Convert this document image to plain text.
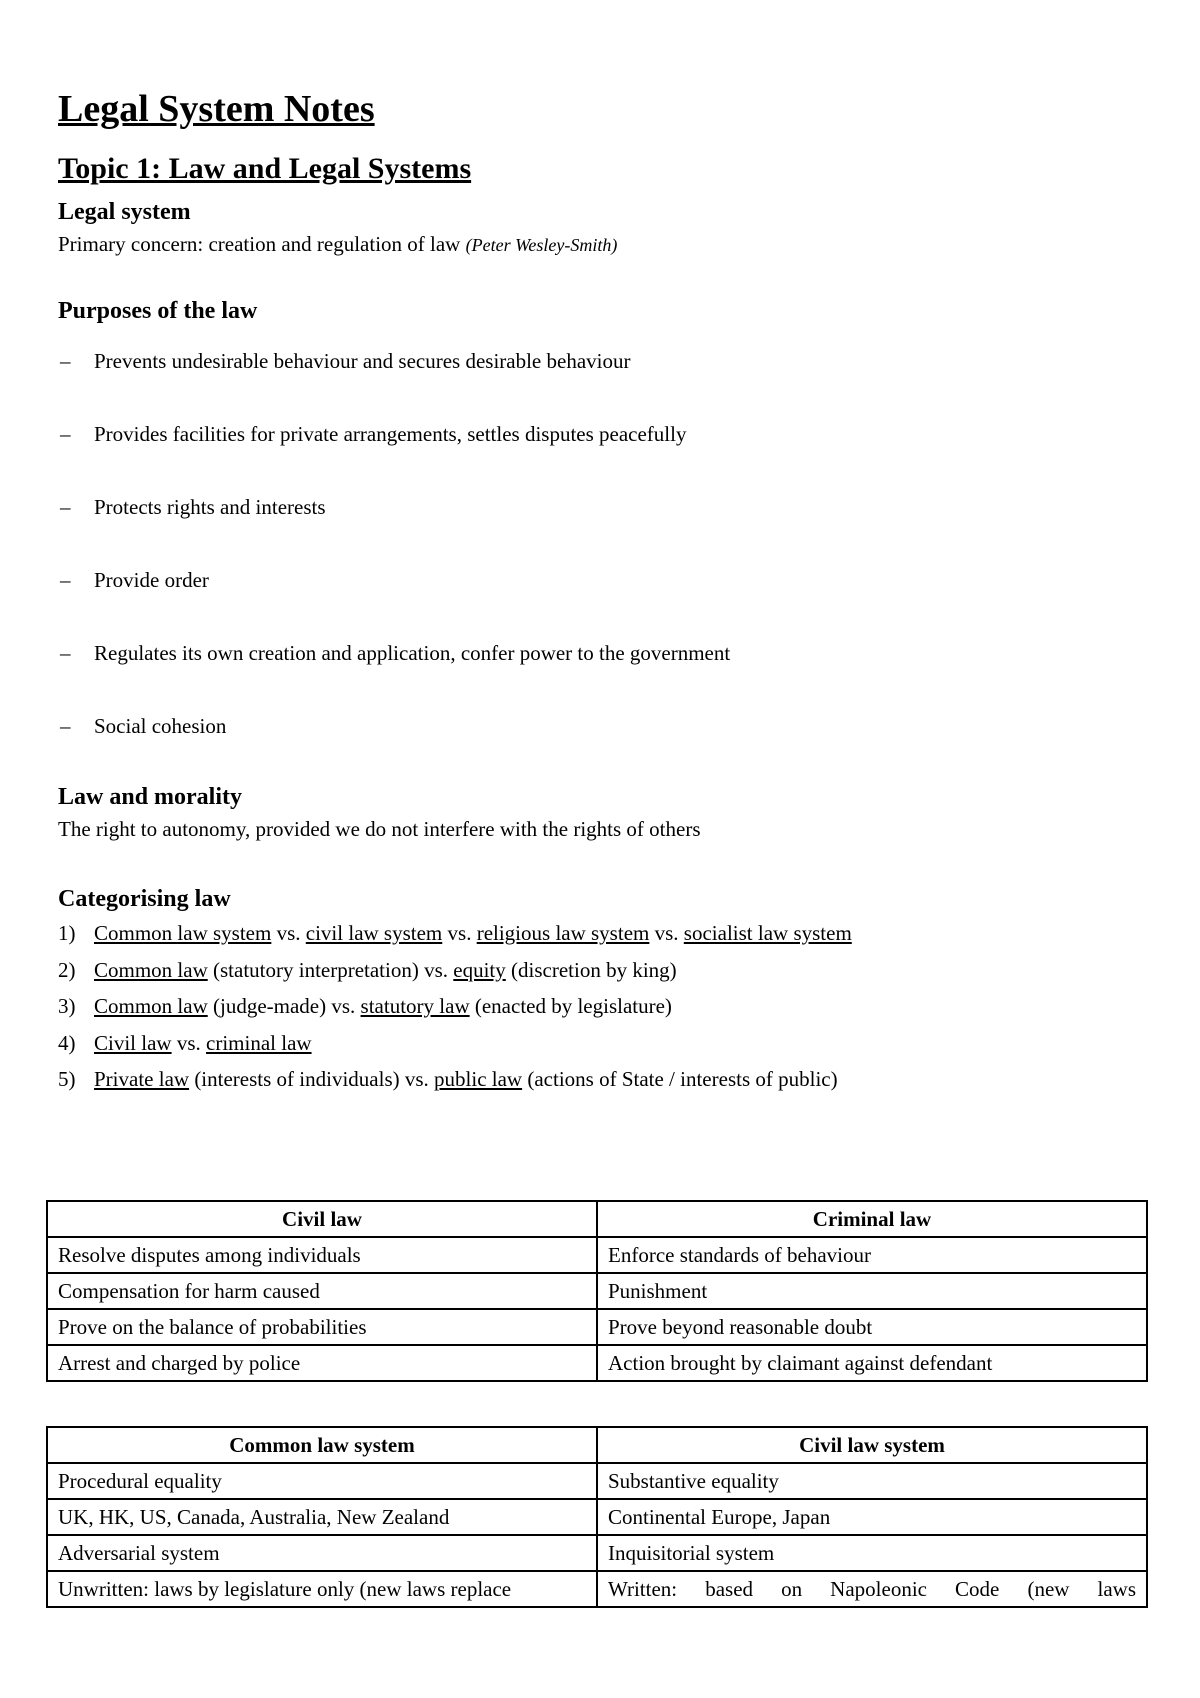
Legal System Notes
Topic 1: Law and Legal Systems
Legal system

Primary concern: creation and regulation of law (Peter Wesley-Smith)

Purposes of the law
– Prevents undesirable behaviour and secures desirable behaviour
– Provides facilities for private arrangements, settles disputes peacefully
– Protects rights and interests
– Provide order
– Regulates its own creation and application, confer power to the government
– Social cohesion
Law and morality

The right to autonomy, provided we do not interfere with the rights of others

Categorising law
1) Common law system vs. civil law system vs. religious law system vs. socialist law system
2) Common law (statutory interpretation) vs. equity (discretion by king)
3) Common law (judge-made) vs. statutory law (enacted by legislature)
4) Civil law vs. criminal law
5) Private law (interests of individuals) vs. public law (actions of State / interests of public)
Civil law	Criminal law
Resolve disputes among individuals	Enforce standards of behaviour
Compensation for harm caused	Punishment
Prove on the balance of probabilities	Prove beyond reasonable doubt
Arrest and charged by police	Action brought by claimant against defendant
Common law system	Civil law system
Procedural equality	Substantive equality
UK, HK, US, Canada, Australia, New Zealand	Continental Europe, Japan
Adversarial system	Inquisitorial system
Unwritten: laws by legislature only (new laws replace	Written: based on Napoleonic Code (new laws
